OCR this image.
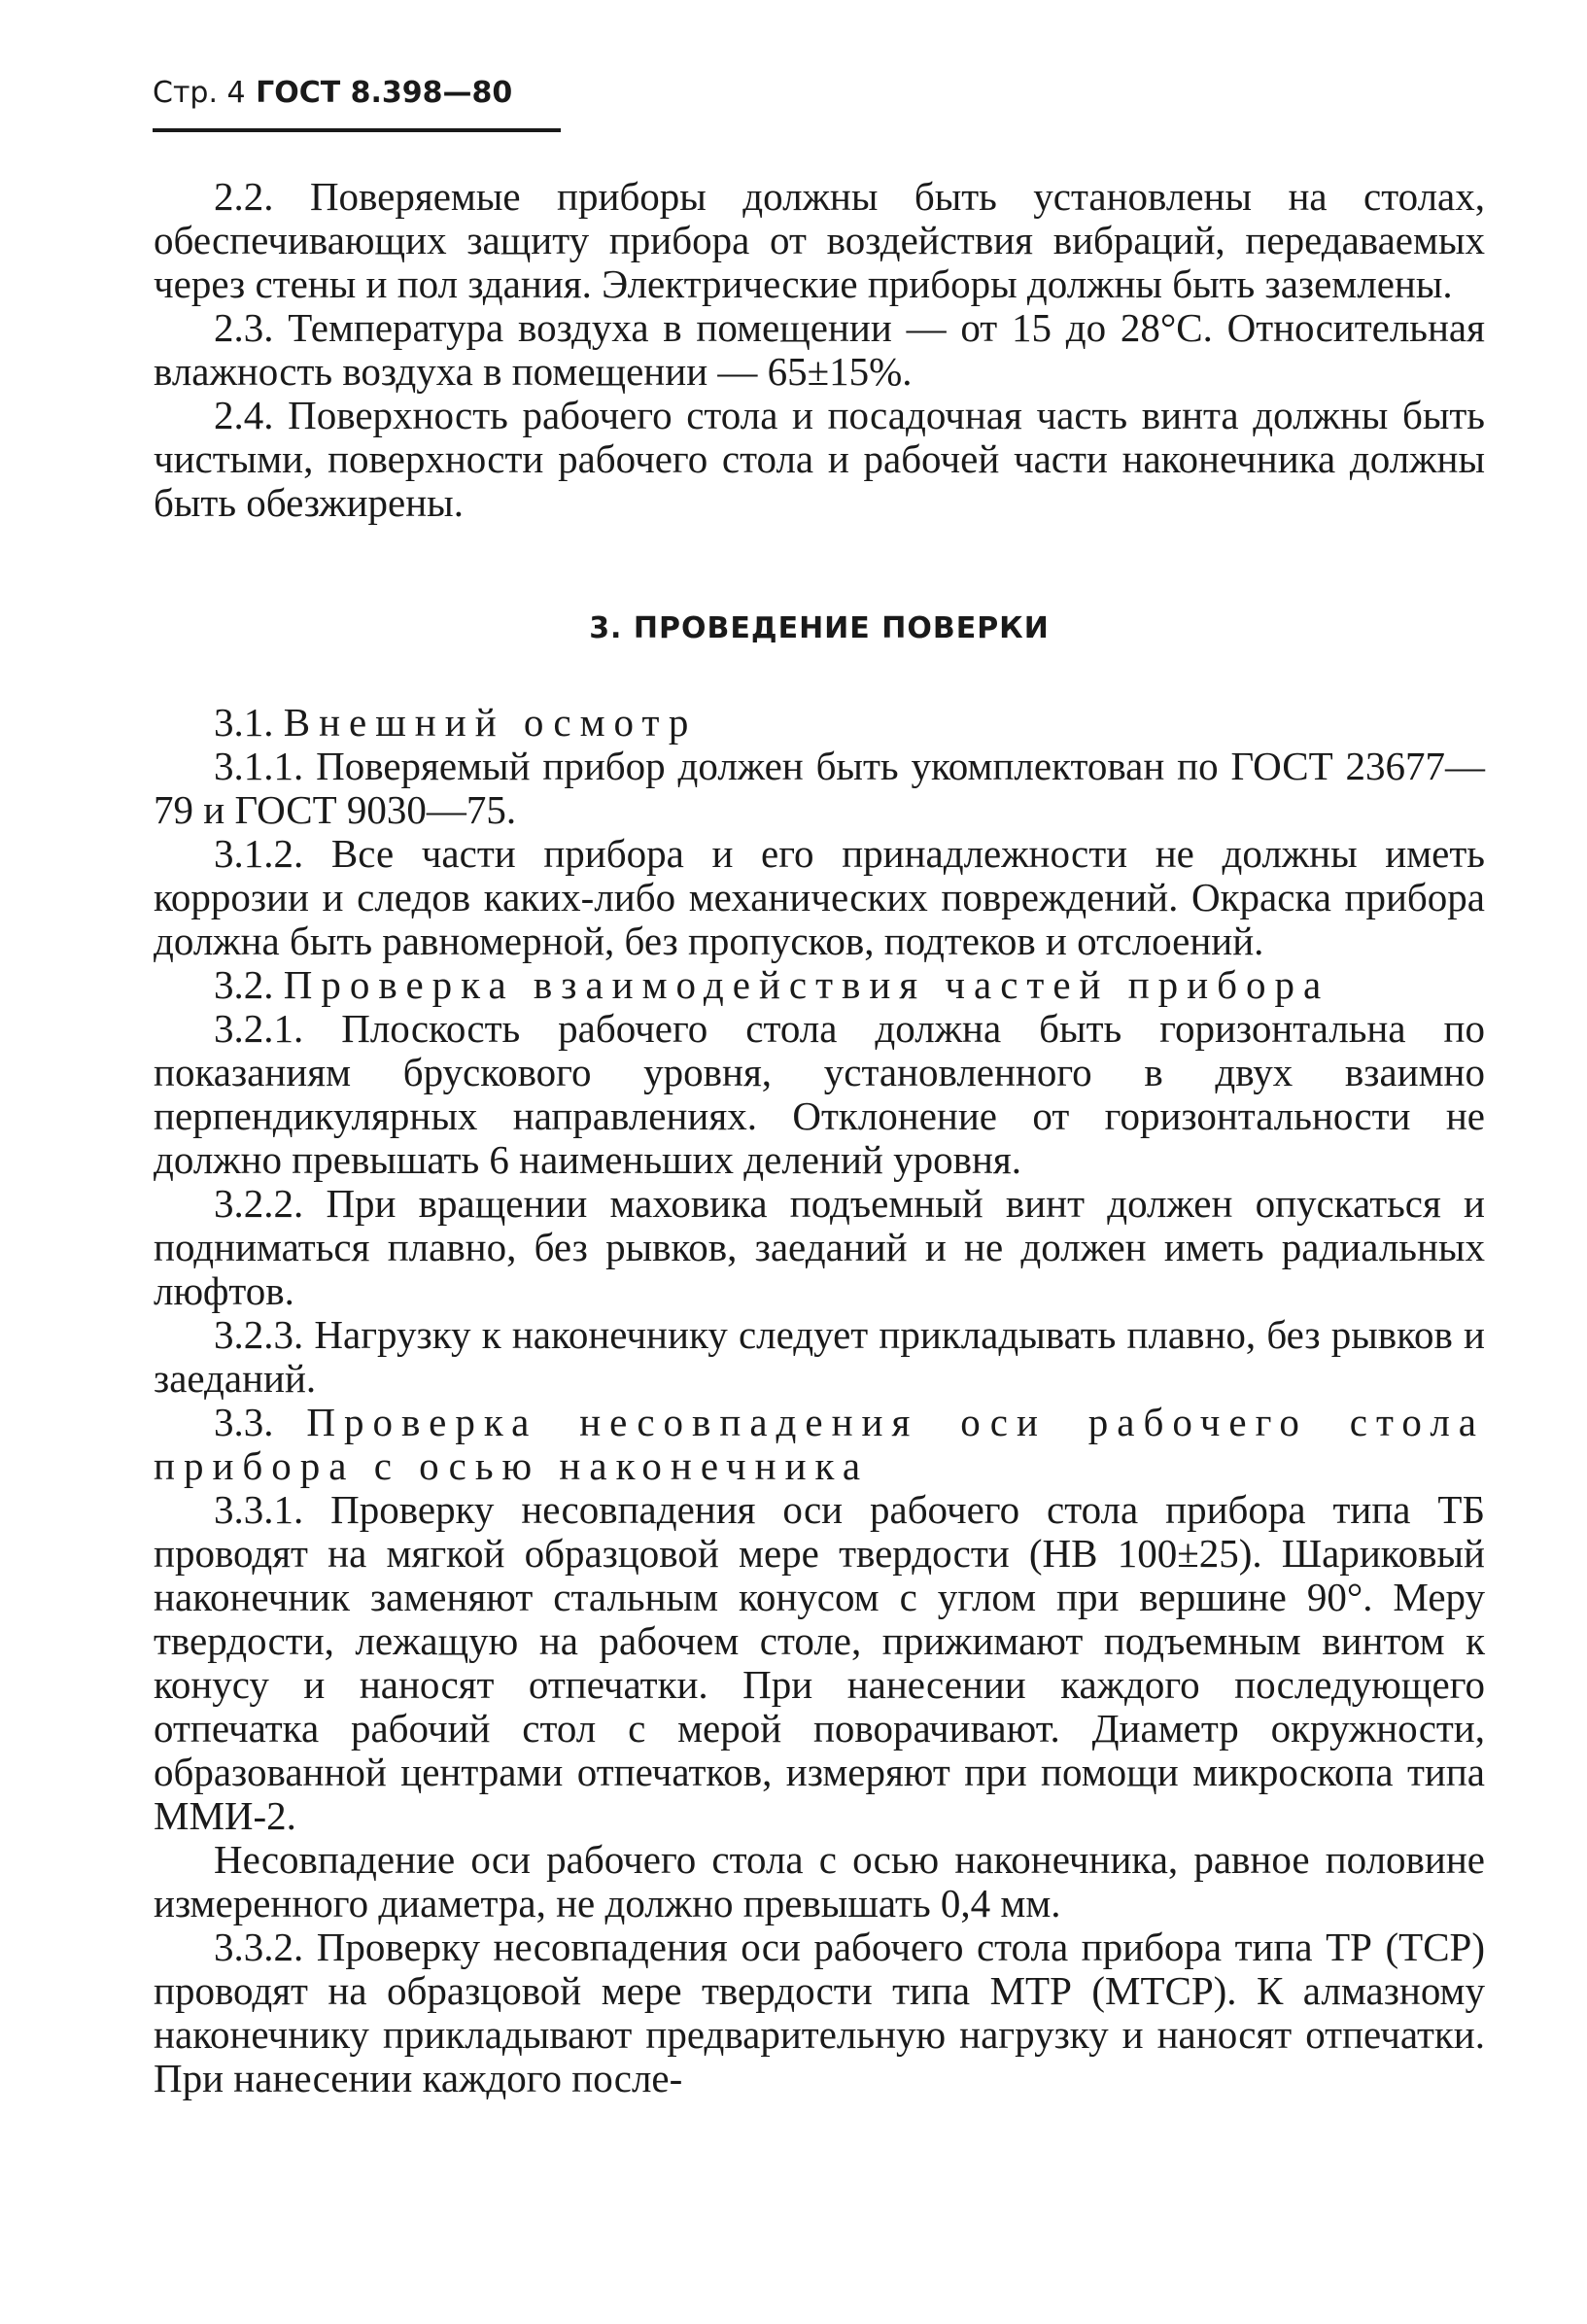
Стр. 4 ГОСТ 8.398—80

2.2. Поверяемые приборы должны быть установлены на столах, обеспечивающих защиту прибора от воздействия вибраций, передаваемых через стены и пол здания. Электрические приборы должны быть заземлены.

2.3. Температура воздуха в помещении — от 15 до 28°С. Относительная влажность воздуха в помещении — 65±15%.

2.4. Поверхность рабочего стола и посадочная часть винта должны быть чистыми, поверхности рабочего стола и рабочей части наконечника должны быть обезжирены.

3. ПРОВЕДЕНИЕ ПОВЕРКИ

3.1. Внешний осмотр

3.1.1. Поверяемый прибор должен быть укомплектован по ГОСТ 23677—79 и ГОСТ 9030—75.

3.1.2. Все части прибора и его принадлежности не должны иметь коррозии и следов каких-либо механических повреждений. Окраска прибора должна быть равномерной, без пропусков, подтеков и отслоений.

3.2. Проверка взаимодействия частей прибора

3.2.1. Плоскость рабочего стола должна быть горизонтальна по показаниям брускового уровня, установленного в двух взаимно перпендикулярных направлениях. Отклонение от горизонтальности не должно превышать 6 наименьших делений уровня.

3.2.2. При вращении маховика подъемный винт должен опускаться и подниматься плавно, без рывков, заеданий и не должен иметь радиальных люфтов.

3.2.3. Нагрузку к наконечнику следует прикладывать плавно, без рывков и заеданий.

3.3. Проверка несовпадения оси рабочего стола прибора с осью наконечника

3.3.1. Проверку несовпадения оси рабочего стола прибора типа ТБ проводят на мягкой образцовой мере твердости (НВ 100±25). Шариковый наконечник заменяют стальным конусом с углом при вершине 90°. Меру твердости, лежащую на рабочем столе, прижимают подъемным винтом к конусу и наносят отпечатки. При нанесении каждого последующего отпечатка рабочий стол с мерой поворачивают. Диаметр окружности, образованной центрами отпечатков, измеряют при помощи микроскопа типа ММИ-2.

Несовпадение оси рабочего стола с осью наконечника, равное половине измеренного диаметра, не должно превышать 0,4 мм.

3.3.2. Проверку несовпадения оси рабочего стола прибора типа ТР (ТСР) проводят на образцовой мере твердости типа МТР (МТСР). К алмазному наконечнику прикладывают предварительную нагрузку и наносят отпечатки. При нанесении каждого после-
